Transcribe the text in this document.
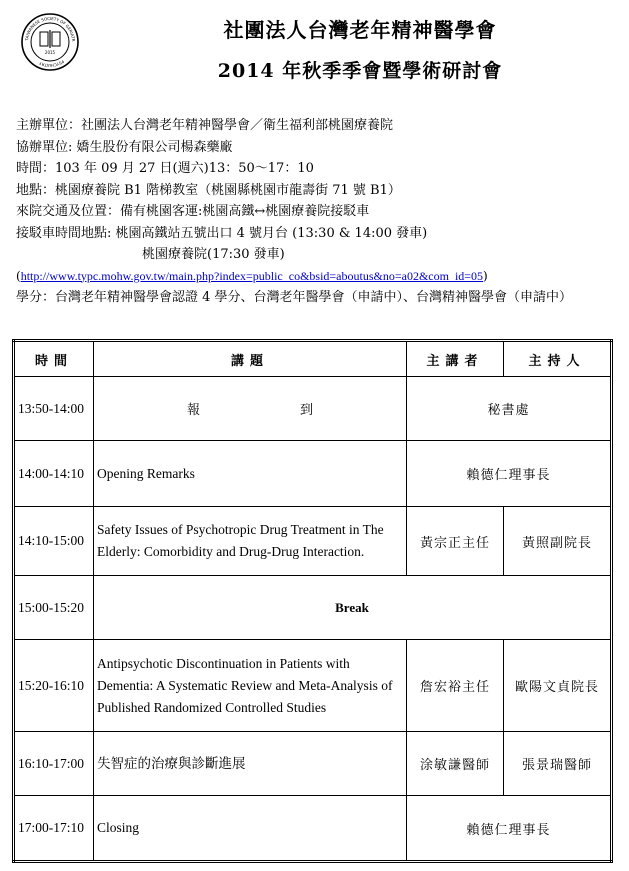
TAIWANESE SOCIETY OF GERIATR
PSYCHIATRY
2015
社團法人台灣老年精神醫學會
2014 年秋季季會暨學術研討會
主辦單位：社團法人台灣老年精神醫學會／衛生福利部桃園療養院
協辦單位: 嬌生股份有限公司楊森藥廠
時間：103 年 09 月 27 日(週六)13：50～17：10
地點：桃園療養院 B1 階梯教室（桃園縣桃園市龍壽街 71 號 B1）
來院交通及位置：備有桃園客運:桃園高鐵↔桃園療養院接駁車
接駁車時間地點: 桃園高鐵站五號出口 4 號月台 (13:30 & 14:00 發車)
桃園療養院(17:30 發車)
(http://www.typc.mohw.gov.tw/main.php?index=public_co&bsid=aboutus&no=a02&com_id=05)
學分：台灣老年精神醫學會認證 4 學分、台灣老年醫學會（申請中）、台灣精神醫學會（申請中）
時間	講題	主講者	主持人
13:50-14:00	報 到	秘書處	
14:00-14:10	Opening Remarks	賴德仁理事長	
14:10-15:00	Safety Issues of Psychotropic Drug Treatment in The Elderly: Comorbidity and Drug-Drug Interaction.	黃宗正主任	黃照副院長
15:00-15:20	Break		
15:20-16:10	Antipsychotic Discontinuation in Patients with Dementia: A Systematic Review and Meta-Analysis of Published Randomized Controlled Studies	詹宏裕主任	歐陽文貞院長
16:10-17:00	失智症的治療與診斷進展	涂敏謙醫師	張景瑞醫師
17:00-17:10	Closing	賴德仁理事長	
